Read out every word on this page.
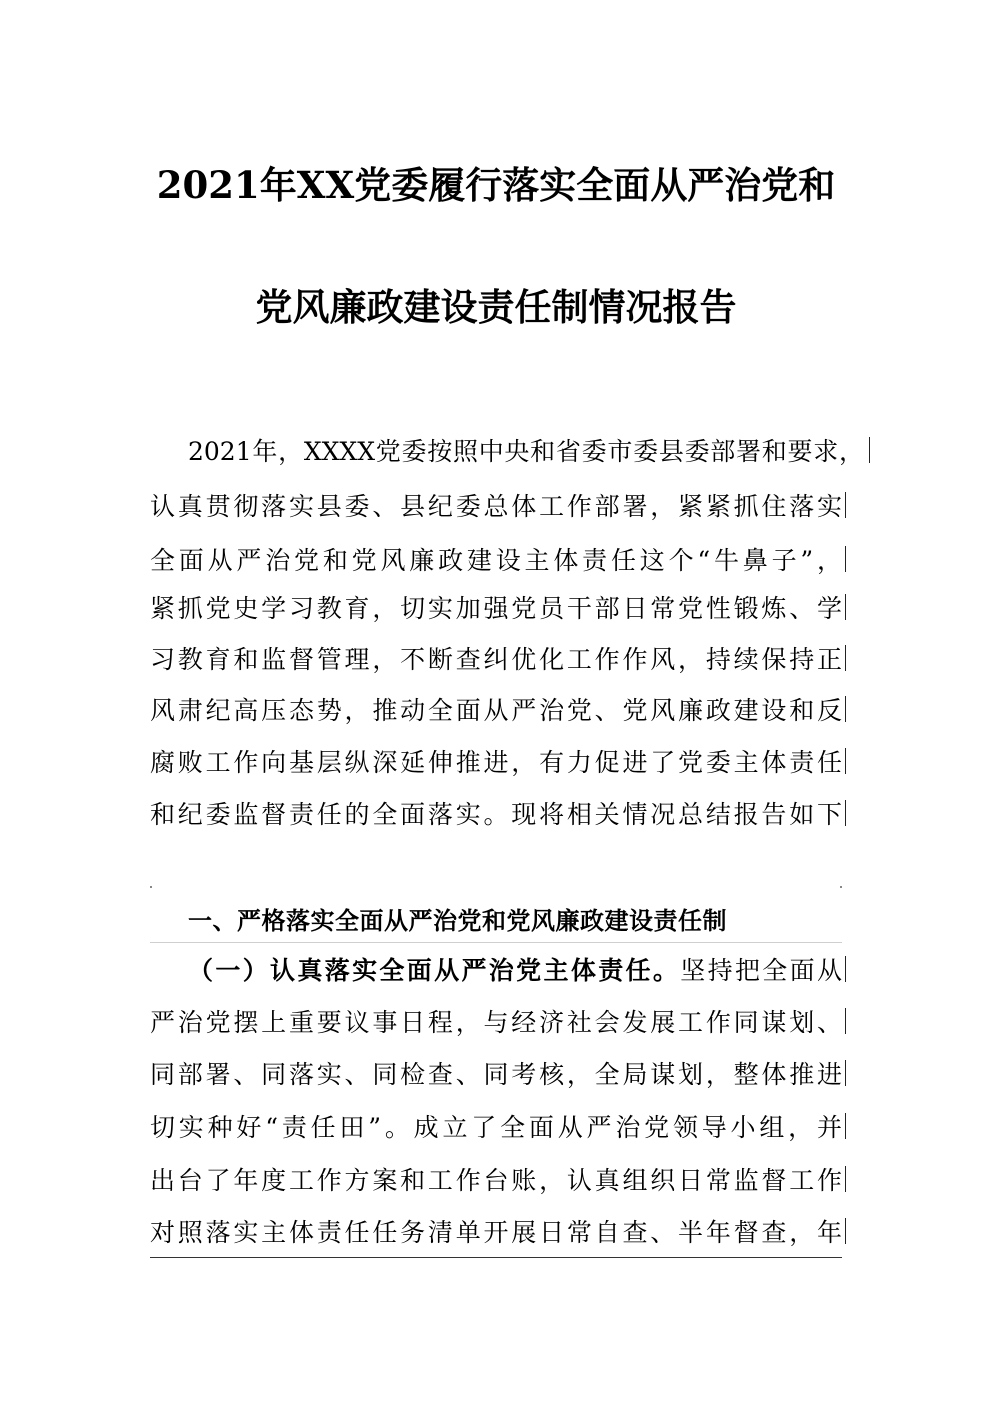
2021年XX党委履行落实全面从严治党和
党风廉政建设责任制情况报告
2021年，XXXX党委按照中央和省委市委县委部署和要求，
认真贯彻落实县委、县纪委总体工作部署，紧紧抓住落实
全面从严治党和党风廉政建设主体责任这个“牛鼻子”，
紧抓党史学习教育，切实加强党员干部日常党性锻炼、学
习教育和监督管理，不断查纠优化工作作风，持续保持正
风肃纪高压态势，推动全面从严治党、党风廉政建设和反
腐败工作向基层纵深延伸推进，有力促进了党委主体责任
和纪委监督责任的全面落实。现将相关情况总结报告如下
一、严格落实全面从严治党和党风廉政建设责任制
（一）认真落实全面从严治党主体责任。坚持把全面从
严治党摆上重要议事日程，与经济社会发展工作同谋划、
同部署、同落实、同检查、同考核，全局谋划，整体推进
切实种好“责任田”。成立了全面从严治党领导小组，并
出台了年度工作方案和工作台账，认真组织日常监督工作
对照落实主体责任任务清单开展日常自查、半年督查，年
